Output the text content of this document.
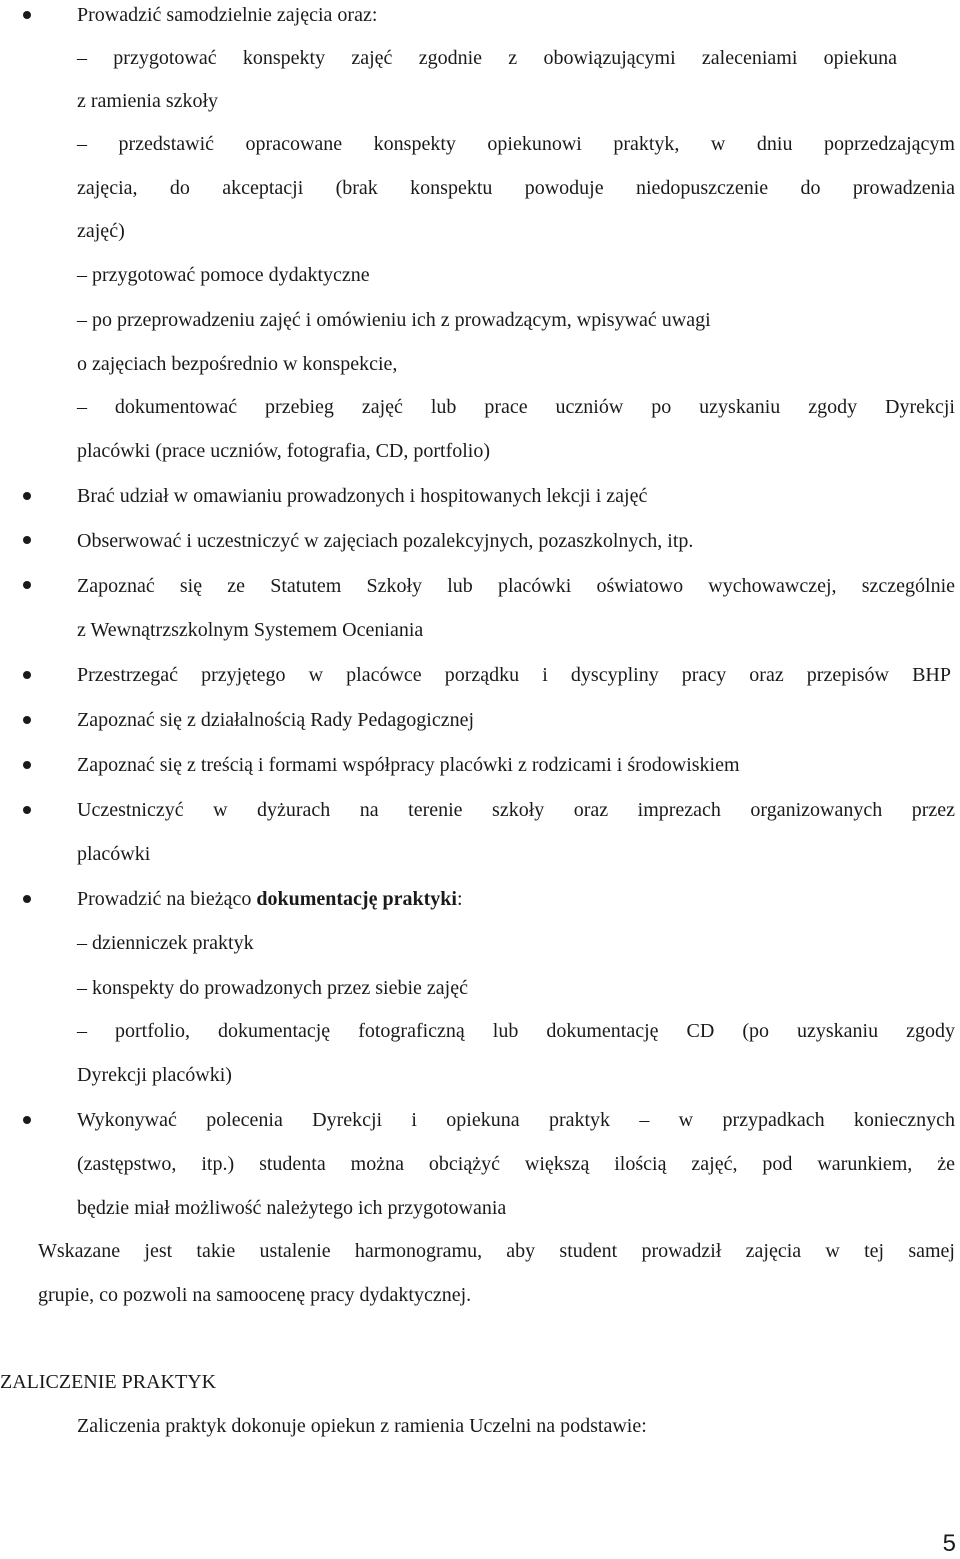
Prowadzić samodzielnie zajęcia oraz:
– przygotować konspekty zajęć zgodnie z obowiązującymi zaleceniami opiekuna
z ramienia szkoły
– przedstawić opracowane konspekty opiekunowi praktyk, w dniu poprzedzającym
zajęcia, do akceptacji (brak konspektu powoduje niedopuszczenie do prowadzenia
zajęć)
– przygotować pomoce dydaktyczne
– po przeprowadzeniu zajęć i omówieniu ich z prowadzącym, wpisywać uwagi
o zajęciach bezpośrednio w konspekcie,
– dokumentować przebieg zajęć lub prace uczniów po uzyskaniu zgody Dyrekcji
placówki (prace uczniów, fotografia, CD, portfolio)
Brać udział w omawianiu prowadzonych i hospitowanych lekcji i zajęć
Obserwować i uczestniczyć w zajęciach pozalekcyjnych, pozaszkolnych, itp.
Zapoznać się ze Statutem Szkoły lub placówki oświatowo wychowawczej, szczególnie
z Wewnątrzszkolnym Systemem Oceniania
Przestrzegać przyjętego w placówce porządku i dyscypliny pracy oraz przepisów BHP
Zapoznać się z działalnością Rady Pedagogicznej
Zapoznać się z treścią i formami współpracy placówki z rodzicami i środowiskiem
Uczestniczyć w dyżurach na terenie szkoły oraz imprezach organizowanych przez
placówki
Prowadzić na bieżąco dokumentację praktyki:
– dzienniczek praktyk
– konspekty do prowadzonych przez siebie zajęć
– portfolio, dokumentację fotograficzną lub dokumentację CD (po uzyskaniu zgody
Dyrekcji placówki)
Wykonywać polecenia Dyrekcji i opiekuna praktyk – w przypadkach koniecznych
(zastępstwo, itp.) studenta można obciążyć większą ilością zajęć, pod warunkiem, że
będzie miał możliwość należytego ich przygotowania
Wskazane jest takie ustalenie harmonogramu, aby student prowadził zajęcia w tej samej
grupie, co pozwoli na samoocenę pracy dydaktycznej.
ZALICZENIE PRAKTYK
Zaliczenia praktyk dokonuje opiekun z ramienia Uczelni na podstawie:
5
